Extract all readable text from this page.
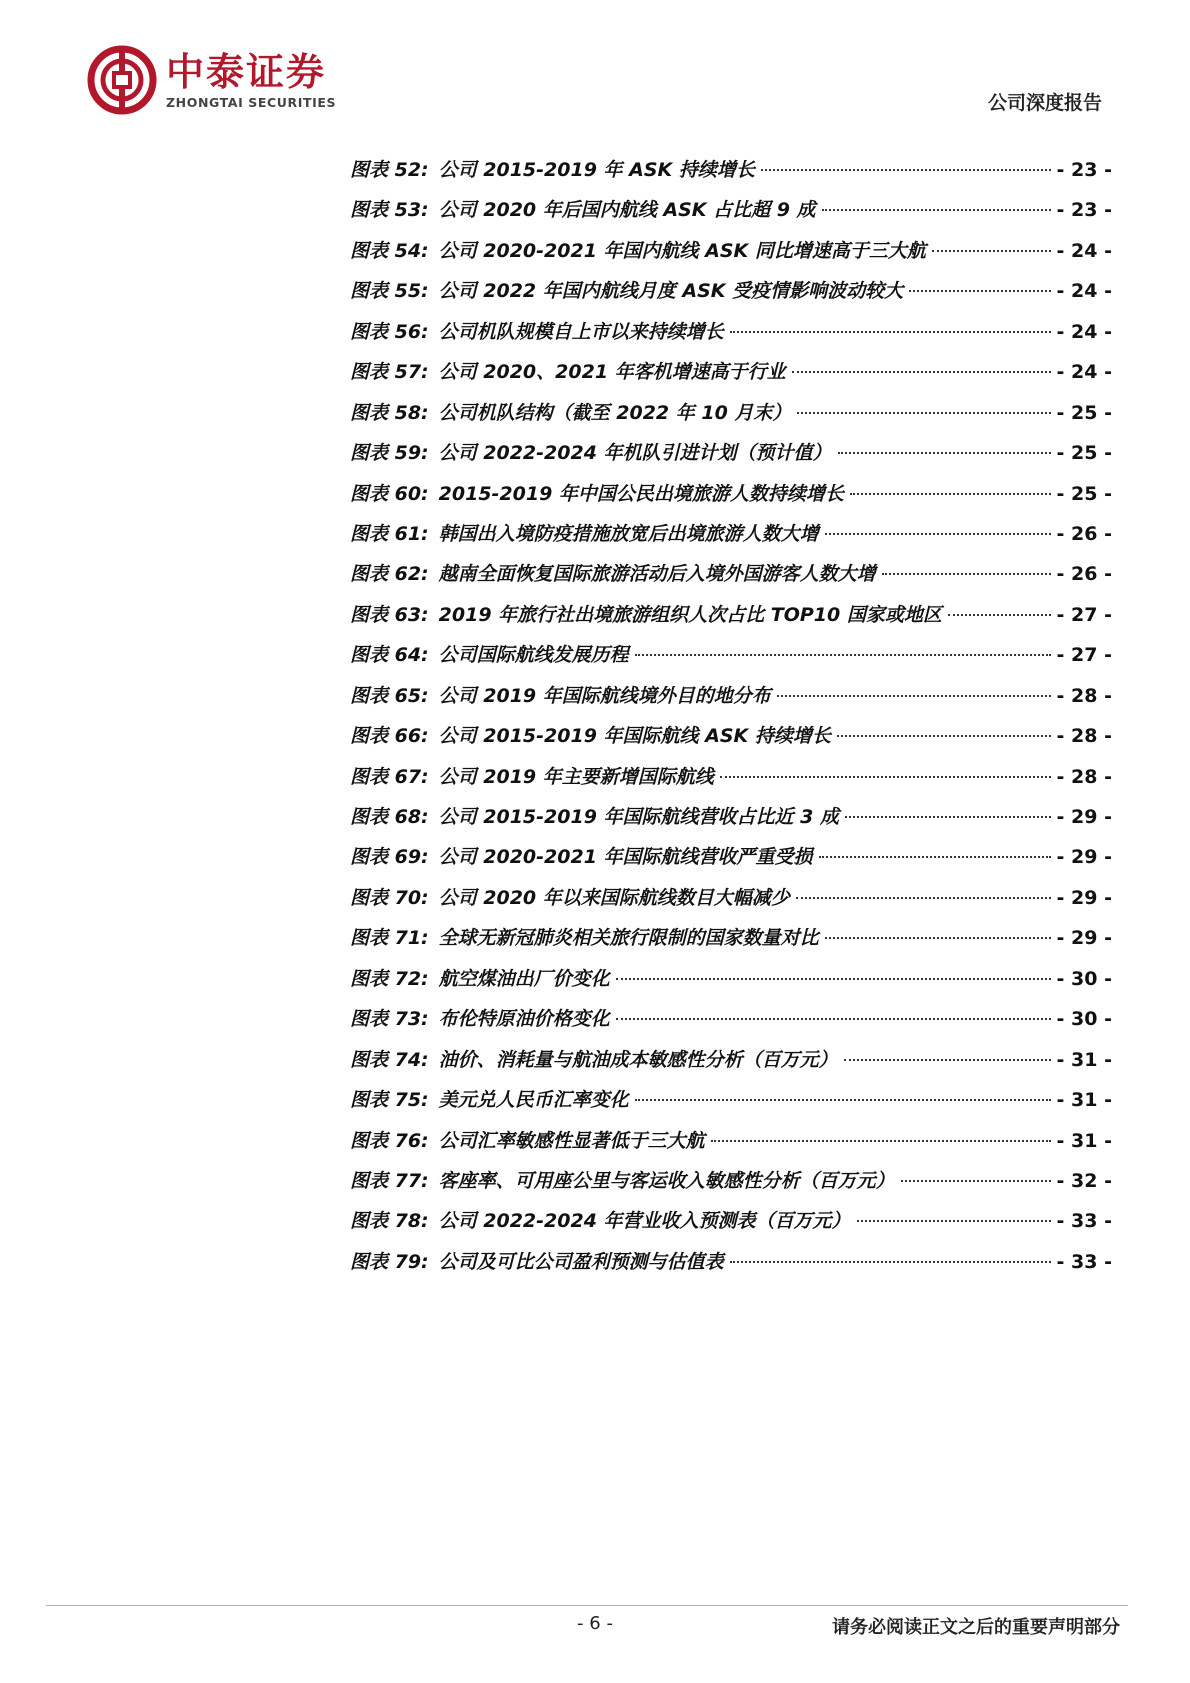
中泰证券
ZHONGTAI SECURITIES	公司深度报告
图表 52: 公司 2015-2019 年 ASK 持续增长	- 23 -
图表 53: 公司 2020 年后国内航线 ASK 占比超 9 成	- 23 -
图表 54: 公司 2020-2021 年国内航线 ASK 同比增速高于三大航	- 24 -
图表 55: 公司 2022 年国内航线月度 ASK 受疫情影响波动较大	- 24 -
图表 56: 公司机队规模自上市以来持续增长	- 24 -
图表 57: 公司 2020、2021 年客机增速高于行业	- 24 -
图表 58: 公司机队结构（截至 2022 年 10 月末）	- 25 -
图表 59: 公司 2022-2024 年机队引进计划（预计值）	- 25 -
图表 60: 2015-2019 年中国公民出境旅游人数持续增长	- 25 -
图表 61: 韩国出入境防疫措施放宽后出境旅游人数大增	- 26 -
图表 62: 越南全面恢复国际旅游活动后入境外国游客人数大增	- 26 -
图表 63: 2019 年旅行社出境旅游组织人次占比 TOP10 国家或地区	- 27 -
图表 64: 公司国际航线发展历程	- 27 -
图表 65: 公司 2019 年国际航线境外目的地分布	- 28 -
图表 66: 公司 2015-2019 年国际航线 ASK 持续增长	- 28 -
图表 67: 公司 2019 年主要新增国际航线	- 28 -
图表 68: 公司 2015-2019 年国际航线营收占比近 3 成	- 29 -
图表 69: 公司 2020-2021 年国际航线营收严重受损	- 29 -
图表 70: 公司 2020 年以来国际航线数目大幅减少	- 29 -
图表 71: 全球无新冠肺炎相关旅行限制的国家数量对比	- 29 -
图表 72: 航空煤油出厂价变化	- 30 -
图表 73: 布伦特原油价格变化	- 30 -
图表 74: 油价、消耗量与航油成本敏感性分析（百万元）	- 31 -
图表 75: 美元兑人民币汇率变化	- 31 -
图表 76: 公司汇率敏感性显著低于三大航	- 31 -
图表 77: 客座率、可用座公里与客运收入敏感性分析（百万元）	- 32 -
图表 78: 公司 2022-2024 年营业收入预测表（百万元）	- 33 -
图表 79: 公司及可比公司盈利预测与估值表	- 33 -
- 6 -	请务必阅读正文之后的重要声明部分
